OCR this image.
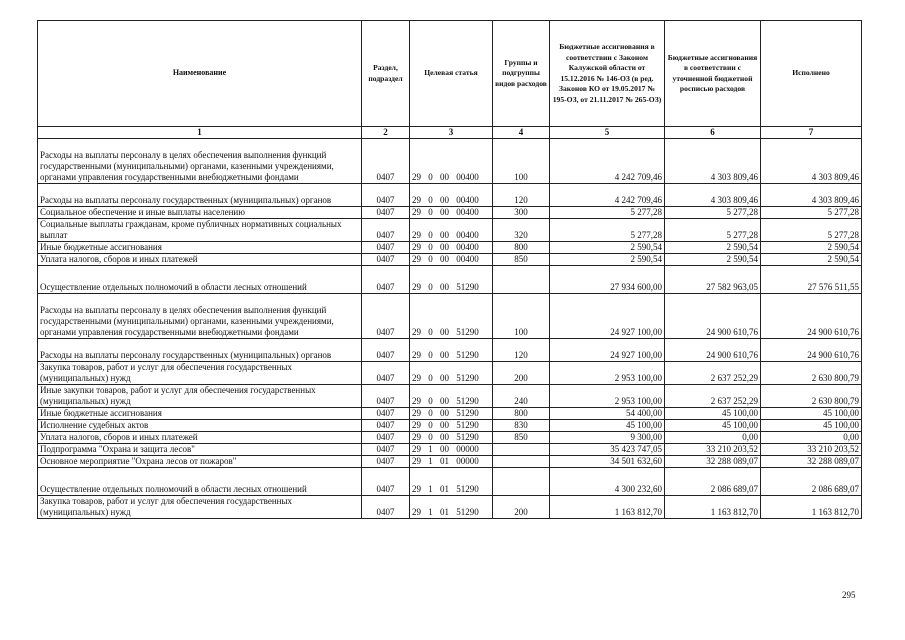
Наименование	Раздел, подраздел	Целевая статья	Группы и подгруппы видов расходов	Бюджетные ассигнования в соответствии с Законом Калужской области от 15.12.2016 № 146-ОЗ (в ред. Законов КО от 19.05.2017 № 195-ОЗ, от 21.11.2017 № 265-ОЗ)	Бюджетные ассигнования в соответствии с уточненной бюджетной росписью расходов	Исполнено
1	2	3	4	5	6	7
Расходы на выплаты персоналу в целях обеспечения выполнения функций государственными (муниципальными) органами, казенными учреждениями, органами управления государственными внебюджетными фондами	0407	29 0 00 00400	100	4 242 709,46	4 303 809,46	4 303 809,46
Расходы на выплаты персоналу государственных (муниципальных) органов	0407	29 0 00 00400	120	4 242 709,46	4 303 809,46	4 303 809,46
Социальное обеспечение и иные выплаты населению	0407	29 0 00 00400	300	5 277,28	5 277,28	5 277,28
Социальные выплаты гражданам, кроме публичных нормативных социальных выплат	0407	29 0 00 00400	320	5 277,28	5 277,28	5 277,28
Иные бюджетные ассигнования	0407	29 0 00 00400	800	2 590,54	2 590,54	2 590,54
Уплата налогов, сборов и иных платежей	0407	29 0 00 00400	850	2 590,54	2 590,54	2 590,54
Осуществление отдельных полномочий в области лесных отношений	0407	29 0 00 51290		27 934 600,00	27 582 963,05	27 576 511,55
Расходы на выплаты персоналу в целях обеспечения выполнения функций государственными (муниципальными) органами, казенными учреждениями, органами управления государственными внебюджетными фондами	0407	29 0 00 51290	100	24 927 100,00	24 900 610,76	24 900 610,76
Расходы на выплаты персоналу государственных (муниципальных) органов	0407	29 0 00 51290	120	24 927 100,00	24 900 610,76	24 900 610,76
Закупка товаров, работ и услуг для обеспечения государственных (муниципальных) нужд	0407	29 0 00 51290	200	2 953 100,00	2 637 252,29	2 630 800,79
Иные закупки товаров, работ и услуг для обеспечения государственных (муниципальных) нужд	0407	29 0 00 51290	240	2 953 100,00	2 637 252,29	2 630 800,79
Иные бюджетные ассигнования	0407	29 0 00 51290	800	54 400,00	45 100,00	45 100,00
Исполнение судебных актов	0407	29 0 00 51290	830	45 100,00	45 100,00	45 100,00
Уплата налогов, сборов и иных платежей	0407	29 0 00 51290	850	9 300,00	0,00	0,00
Подпрограмма "Охрана и защита лесов"	0407	29 1 00 00000		35 423 747,05	33 210 203,52	33 210 203,52
Основное мероприятие "Охрана лесов от пожаров"	0407	29 1 01 00000		34 501 632,60	32 288 089,07	32 288 089,07
Осуществление отдельных полномочий в области лесных отношений	0407	29 1 01 51290		4 300 232,60	2 086 689,07	2 086 689,07
Закупка товаров, работ и услуг для обеспечения государственных (муниципальных) нужд	0407	29 1 01 51290	200	1 163 812,70	1 163 812,70	1 163 812,70
295
